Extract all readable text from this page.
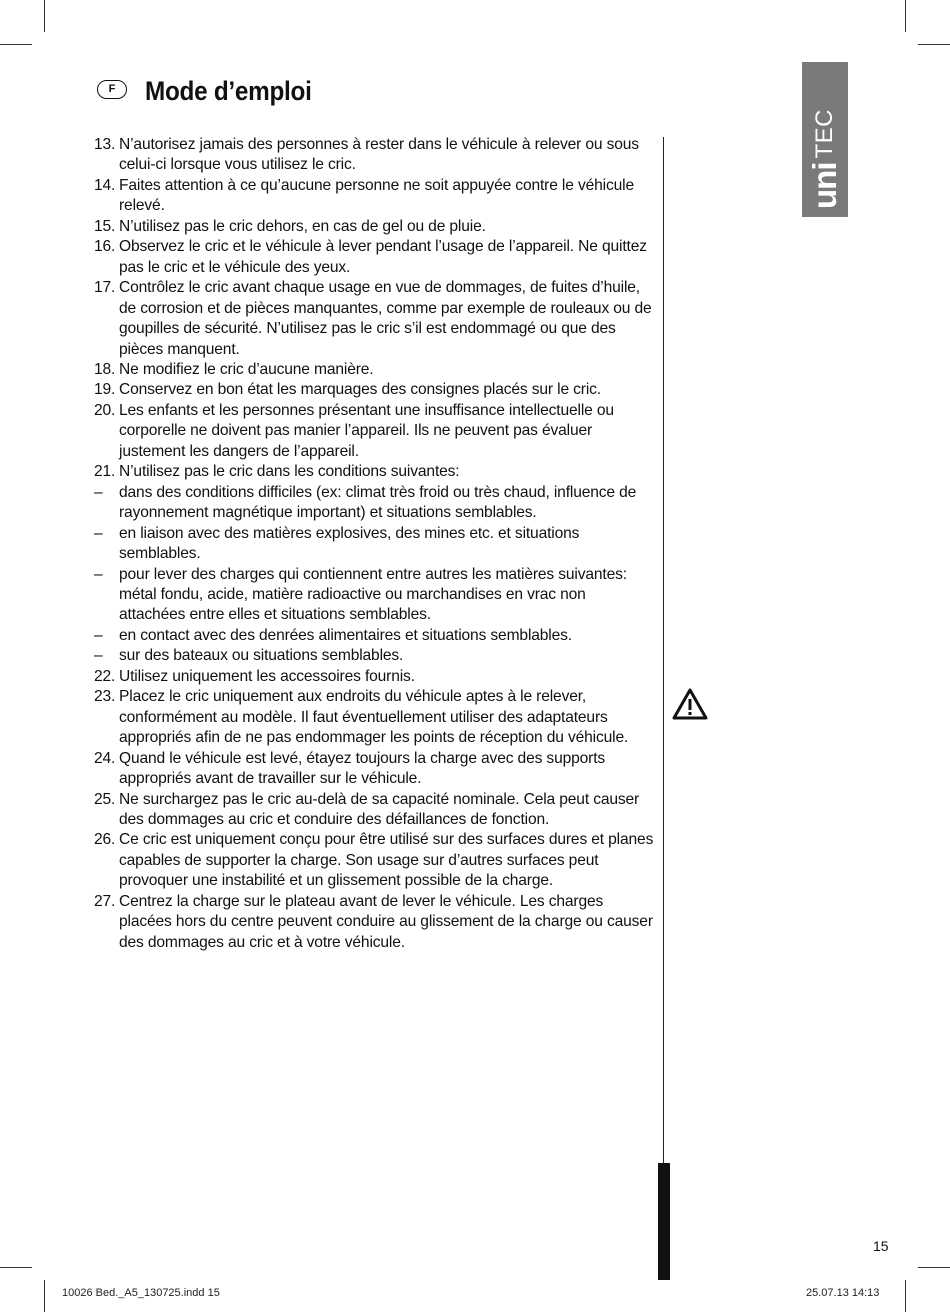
F	Mode d’emploi
uni
TEC
13. N’autorisez jamais des personnes à rester dans le véhicule à relever ou sous celui-ci lorsque vous utilisez le cric.
14. Faites attention à ce qu’aucune personne ne soit appuyée contre le véhicule relevé.
15. N’utilisez pas le cric dehors, en cas de gel ou de pluie.
16. Observez le cric et le véhicule à lever pendant l’usage de l’appareil. Ne quittez pas le cric et le véhicule des yeux.
17. Contrôlez le cric avant chaque usage en vue de dommages, de fuites d’huile, de corrosion et de pièces manquantes, comme par exemple de rouleaux ou de goupilles de sécurité. N’utilisez pas le cric s’il est endommagé ou que des pièces manquent.
18. Ne modifiez le cric d’aucune manière.
19. Conservez en bon état les marquages des consignes placés sur le cric.
20. Les enfants et les personnes présentant une insuffisance intellectuelle ou corporelle ne doivent pas manier l’appareil. Ils ne peuvent pas évaluer justement les dangers de l’appareil.
21. N’utilisez pas le cric dans les conditions suivantes:
– dans des conditions difficiles (ex: climat très froid ou très chaud, influence de rayonnement magnétique important) et situations semblables.
– en liaison avec des matières explosives, des mines etc. et situations semblables.
– pour lever des charges qui contiennent entre autres les matières suivantes: métal fondu, acide, matière radioactive ou marchandises en vrac non attachées entre elles et situations semblables.
– en contact avec des denrées alimentaires et situations semblables.
– sur des bateaux ou situations semblables.
22. Utilisez uniquement les accessoires fournis.
23. Placez le cric uniquement aux endroits du véhicule aptes à le relever, conformément au modèle. Il faut éventuellement utiliser des adaptateurs appropriés afin de ne pas endommager les points de réception du véhicule.
24. Quand le véhicule est levé, étayez toujours la charge avec des supports appropriés avant de travailler sur le véhicule.
25. Ne surchargez pas le cric au-delà de sa capacité nominale. Cela peut causer des dommages au cric et conduire des défaillances de fonction.
26. Ce cric est uniquement conçu pour être utilisé sur des surfaces dures et planes capables de supporter la charge. Son usage sur d’autres surfaces peut provoquer une instabilité et un glissement possible de la charge.
27. Centrez la charge sur le plateau avant de lever le véhicule. Les charges placées hors du centre peuvent conduire au glissement de la charge ou causer des dommages au cric et à votre véhicule.
15
10026 Bed._A5_130725.indd 15	25.07.13 14:13
